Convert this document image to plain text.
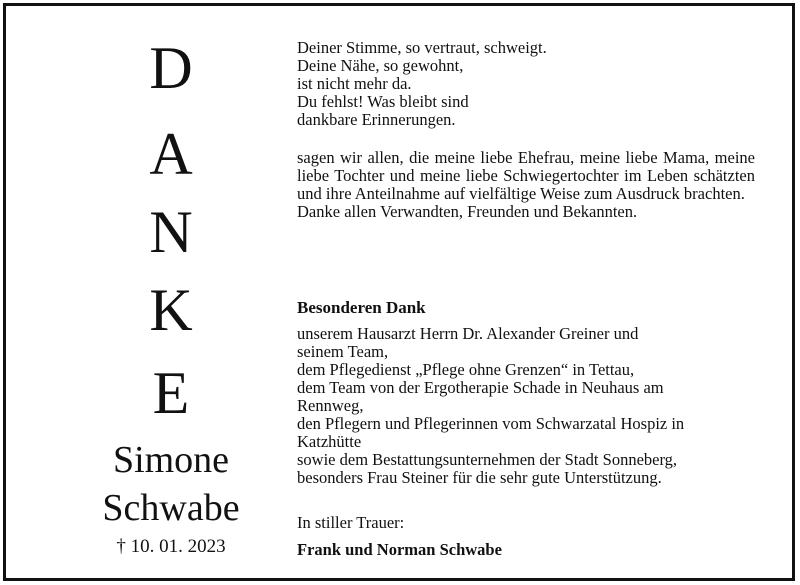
D
A
N
K
E
Simone
Schwabe
† 10. 01. 2023

Deiner Stimme, so vertraut, schweigt.

Deine Nähe, so gewohnt,

ist nicht mehr da.

Du fehlst! Was bleibt sind

dankbare Erinnerungen.

sagen wir allen, die meine liebe Ehefrau, meine liebe Mama, meine liebe Tochter und meine liebe Schwiegertochter im Leben schätzten und ihre Anteilnahme auf vielfältige Weise zum Ausdruck brachten.

Danke allen Verwandten, Freunden und Bekannten.

Besonderen Dank

unserem Hausarzt Herrn Dr. Alexander Greiner und

seinem Team,

dem Pflegedienst „Pflege ohne Grenzen“ in Tettau,

dem Team von der Ergotherapie Schade in Neuhaus am

Rennweg,

den Pflegern und Pflegerinnen vom Schwarzatal Hospiz in

Katzhütte

sowie dem Bestattungsunternehmen der Stadt Sonneberg,

besonders Frau Steiner für die sehr gute Unterstützung.

In stiller Trauer:
Frank und Norman Schwabe
